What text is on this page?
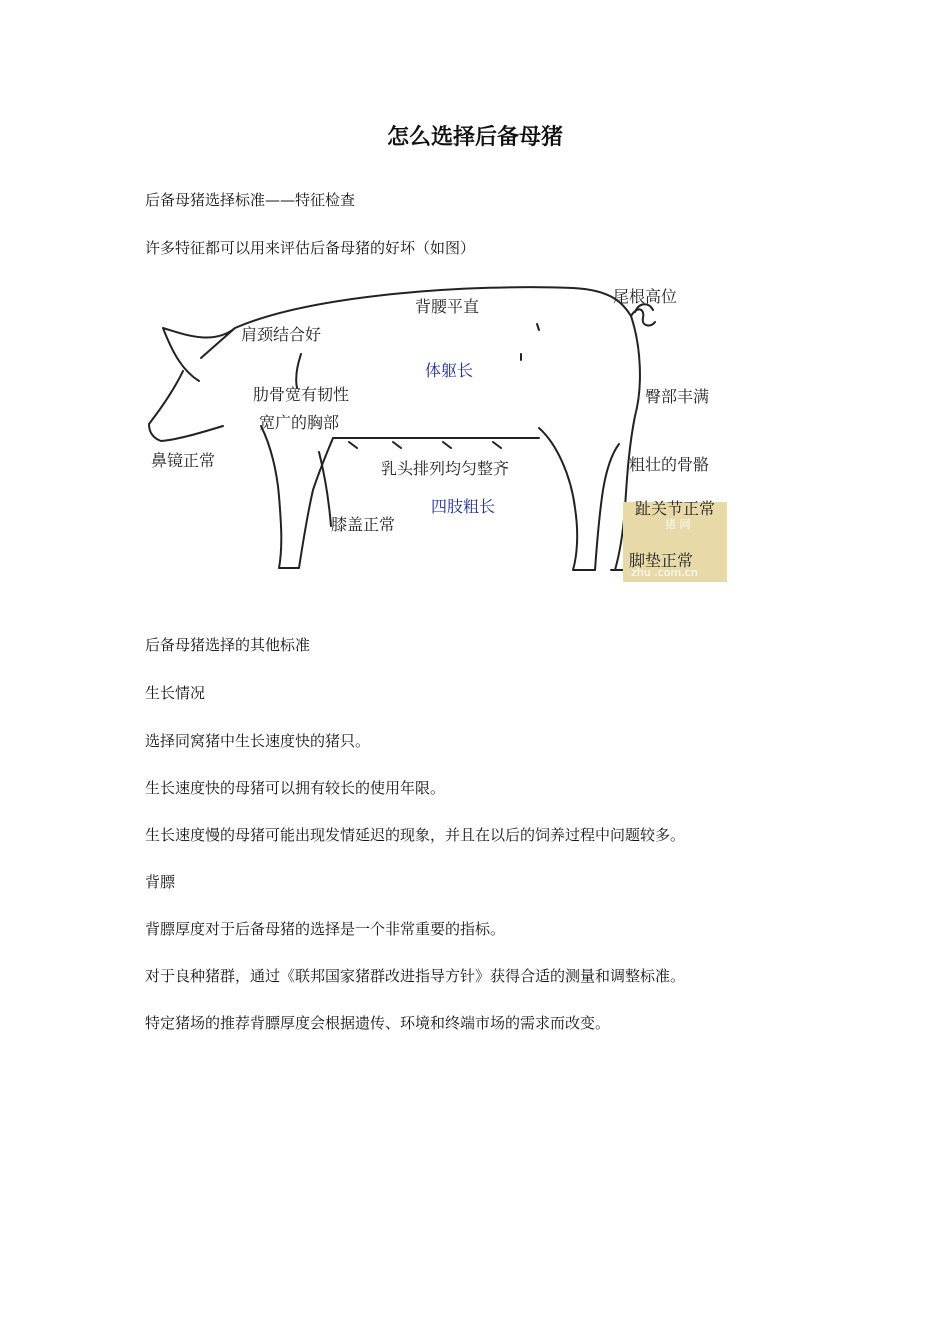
怎么选择后备母猪
后备母猪选择标准——特征检查
许多特征都可以用来评估后备母猪的好坏（如图）
猪 网
zhu .com.cn
背腰平直
尾根高位
肩颈结合好
体躯长
肋骨宽有韧性
宽广的胸部
臀部丰满
鼻镜正常	乳头排列均匀整齐	粗壮的骨骼
四肢粗长	趾关节正常
膝盖正常
脚垫正常
后备母猪选择的其他标准
生长情况
选择同窝猪中生长速度快的猪只。
生长速度快的母猪可以拥有较长的使用年限。
生长速度慢的母猪可能出现发情延迟的现象，并且在以后的饲养过程中问题较多。
背膘
背膘厚度对于后备母猪的选择是一个非常重要的指标。
对于良种猪群，通过《联邦国家猪群改进指导方针》获得合适的测量和调整标准。
特定猪场的推荐背膘厚度会根据遗传、环境和终端市场的需求而改变。
